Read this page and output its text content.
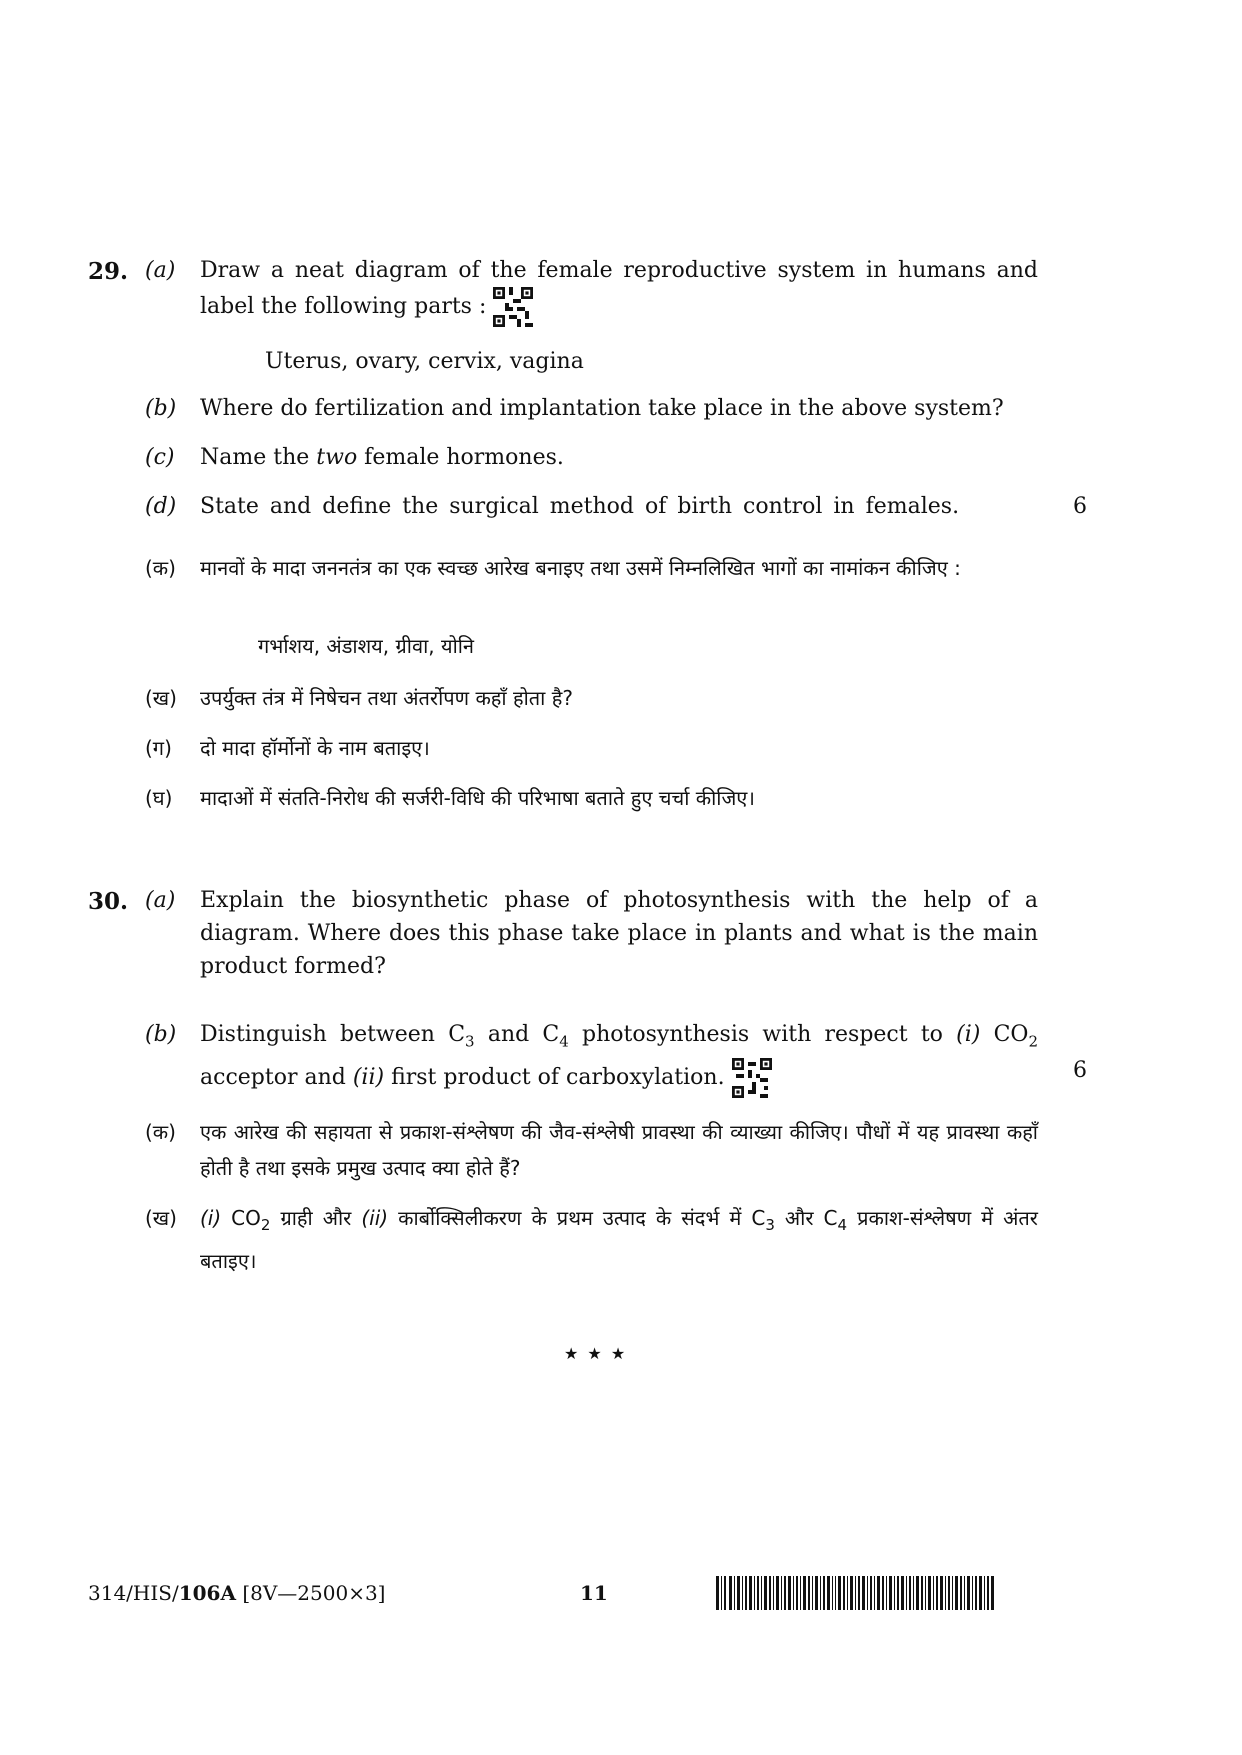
29. (a) Draw a neat diagram of the female reproductive system in humans and label the following parts :
Uterus, ovary, cervix, vagina
(b) Where do fertilization and implantation take place in the above system?
(c) Name the two female hormones.
(d) State and define the surgical method of birth control in females.	6
(क) मानवों के मादा जननतंत्र का एक स्वच्छ आरेख बनाइए तथा उसमें निम्नलिखित भागों का नामांकन कीजिए :
गर्भाशय, अंडाशय, ग्रीवा, योनि
(ख) उपर्युक्त तंत्र में निषेचन तथा अंतर्रोपण कहाँ होता है?
(ग) दो मादा हॉर्मोनों के नाम बताइए।
(घ) मादाओं में संतति-निरोध की सर्जरी-विधि की परिभाषा बताते हुए चर्चा कीजिए।
30. (a) Explain the biosynthetic phase of photosynthesis with the help of a diagram. Where does this phase take place in plants and what is the main product formed?
(b) Distinguish between $C_3$ and $C_4$ photosynthesis with respect to (i) $CO_2$ acceptor and (ii) first product of carboxylation.	6
(क) एक आरेख की सहायता से प्रकाश-संश्लेषण की जैव-संश्लेषी प्रावस्था की व्याख्या कीजिए। पौधों में यह प्रावस्था कहाँ होती है तथा इसके प्रमुख उत्पाद क्या होते हैं?
(ख) (i) $CO_2$ ग्राही और (ii) कार्बोक्सिलीकरण के प्रथम उत्पाद के संदर्भ में $C_3$ और $C_4$ प्रकाश-संश्लेषण में अंतर बताइए।
★ ★ ★
314/HIS/106A [8V—2500×3]	11
